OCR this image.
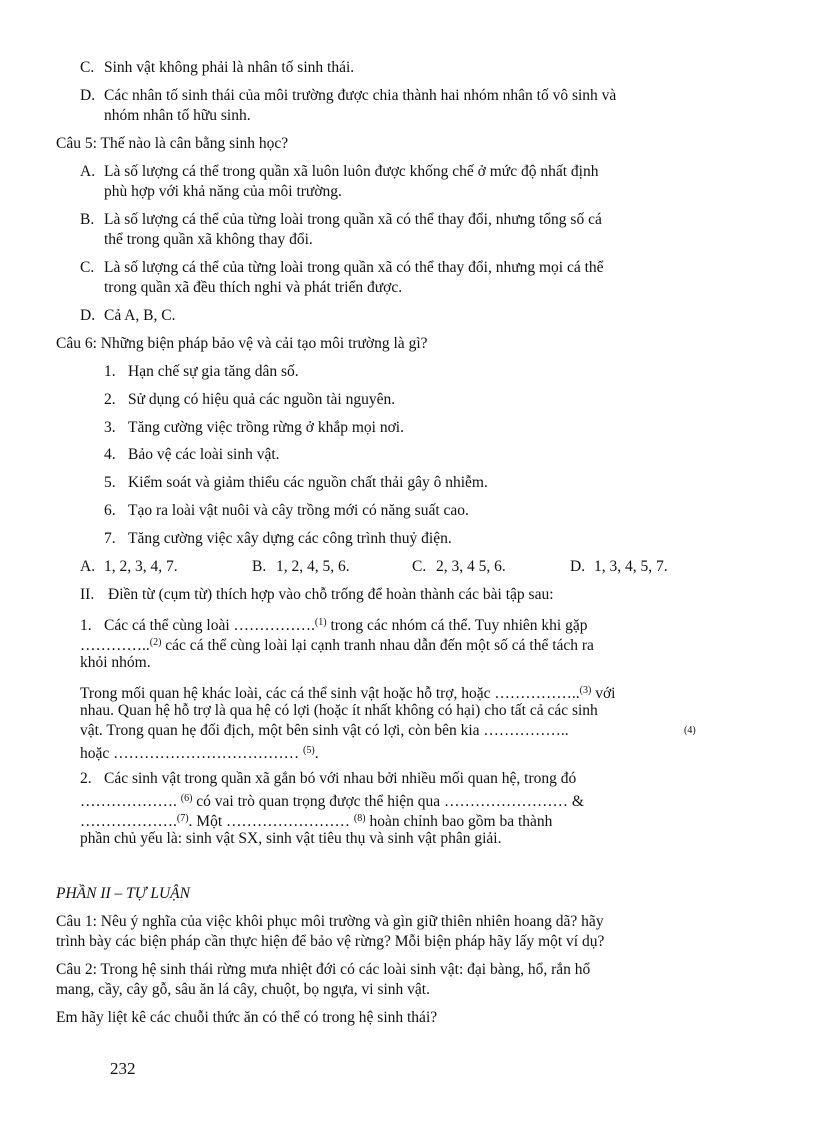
C. Sinh vật không phải là nhân tố sinh thái.
D. Các nhân tố sinh thái của môi trường được chia thành hai nhóm nhân tố vô sinh và
nhóm nhân tố hữu sinh.
Câu 5: Thế nào là cân bằng sinh học?
A. Là số lượng cá thể trong quần xã luôn luôn được khống chế ở mức độ nhất định
phù hợp với khả năng của môi trường.
B. Là số lượng cá thể của từng loài trong quần xã có thể thay đổi, nhưng tổng số cá
thể trong quần xã không thay đổi.
C. Là số lượng cá thể của từng loài trong quần xã có thể thay đổi, nhưng mọi cá thể
trong quần xã đều thích nghi và phát triển được.
D. Cả A, B, C.
Câu 6: Những biện pháp bảo vệ và cải tạo môi trường là gì?
1. Hạn chế sự gia tăng dân số.
2. Sử dụng có hiệu quả các nguồn tài nguyên.
3. Tăng cường việc trồng rừng ở khắp mọi nơi.
4. Bảo vệ các loài sinh vật.
5. Kiểm soát và giảm thiểu các nguồn chất thải gây ô nhiễm.
6. Tạo ra loài vật nuôi và cây trồng mới có năng suất cao.
7. Tăng cường việc xây dựng các công trình thuỷ điện.
A. 1, 2, 3, 4, 7.	B. 1, 2, 4, 5, 6.	C. 2, 3, 4 5, 6.	D. 1, 3, 4, 5, 7.
II. Điền từ (cụm từ) thích hợp vào chỗ trống để hoàn thành các bài tập sau:
1. Các cá thể cùng loài …………….$^{(1)}$ trong các nhóm cá thể. Tuy nhiên khi gặp
…………..$^{(2)}$ các cá thể cùng loài lại cạnh tranh nhau dẫn đến một số cá thể tách ra
khỏi nhóm.
Trong mối quan hệ khác loài, các cá thể sinh vật hoặc hỗ trợ, hoặc ……………..$^{(3)}$ với
nhau. Quan hệ hỗ trợ là qua hệ có lợi (hoặc ít nhất không có hại) cho tất cả các sinh
vật. Trong quan hẹ đối địch, một bên sinh vật có lợi, còn bên kia ……………..	$^{(4)}$
hoặc ……………………………… $^{(5)}$.
2. Các sinh vật trong quần xã gắn bó với nhau bởi nhiều mối quan hệ, trong đó
………………. $^{(6)}$ có vai trò quan trọng được thể hiện qua …………………… &
……………….$^{(7)}$. Một …………………… $^{(8)}$ hoàn chỉnh bao gồm ba thành
phần chủ yếu là: sinh vật SX, sinh vật tiêu thụ và sinh vật phân giải.
PHẦN II – TỰ LUẬN
Câu 1: Nêu ý nghĩa của việc khôi phục môi trường và gìn giữ thiên nhiên hoang dã? hãy
trình bày các biện pháp cần thực hiện để bảo vệ rừng? Mỗi biện pháp hãy lấy một ví dụ?
Câu 2: Trong hệ sinh thái rừng mưa nhiệt đới có các loài sinh vật: đại bàng, hổ, rắn hổ
mang, cầy, cây gỗ, sâu ăn lá cây, chuột, bọ ngựa, vi sinh vật.
Em hãy liệt kê các chuỗi thức ăn có thể có trong hệ sinh thái?
232
